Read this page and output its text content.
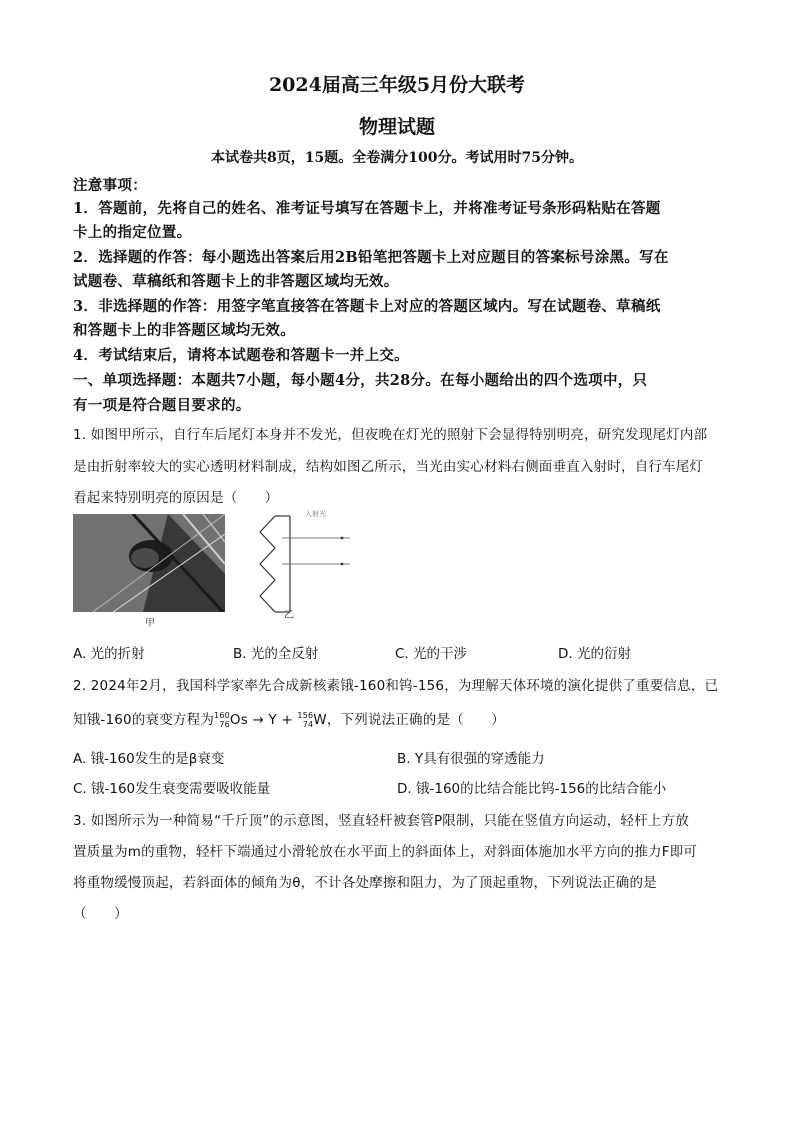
2024届高三年级5月份大联考
物理试题
本试卷共8页，15题。全卷满分100分。考试用时75分钟。
注意事项：
1．答题前，先将自己的姓名、准考证号填写在答题卡上，并将准考证号条形码粘贴在答题
卡上的指定位置。
2．选择题的作答：每小题选出答案后用2B铅笔把答题卡上对应题目的答案标号涂黑。写在
试题卷、草稿纸和答题卡上的非答题区域均无效。
3．非选择题的作答：用签字笔直接答在答题卡上对应的答题区域内。写在试题卷、草稿纸
和答题卡上的非答题区域均无效。
4．考试结束后，请将本试题卷和答题卡一并上交。
一、单项选择题：本题共7小题，每小题4分，共28分。在每小题给出的四个选项中，只
有一项是符合题目要求的。
1. 如图甲所示，自行车后尾灯本身并不发光，但夜晚在灯光的照射下会显得特别明亮，研究发现尾灯内部
是由折射率较大的实心透明材料制成，结构如图乙所示，当光由实心材料右侧面垂直入射时，自行车尾灯
看起来特别明亮的原因是（　　）
甲
入射光
乙
A. 光的折射	B. 光的全反射	C. 光的干涉	D. 光的衍射
2. 2024年2月，我国科学家率先合成新核素锇-160和钨-156，为理解天体环境的演化提供了重要信息，已
知锇-160的衰变方程为 160
76 Os → Y + 156
74 W，下列说法正确的是（　　）
A. 锇-160发生的是β衰变	B. Y具有很强的穿透能力
C. 锇-160发生衰变需要吸收能量	D. 锇-160的比结合能比钨-156的比结合能小
3. 如图所示为一种简易“千斤顶”的示意图，竖直轻杆被套管P限制，只能在竖值方向运动，轻杆上方放
置质量为m的重物，轻杆下端通过小滑轮放在水平面上的斜面体上，对斜面体施加水平方向的推力F即可
将重物缓慢顶起，若斜面体的倾角为θ，不计各处摩擦和阻力，为了顶起重物，下列说法正确的是
（　　）
